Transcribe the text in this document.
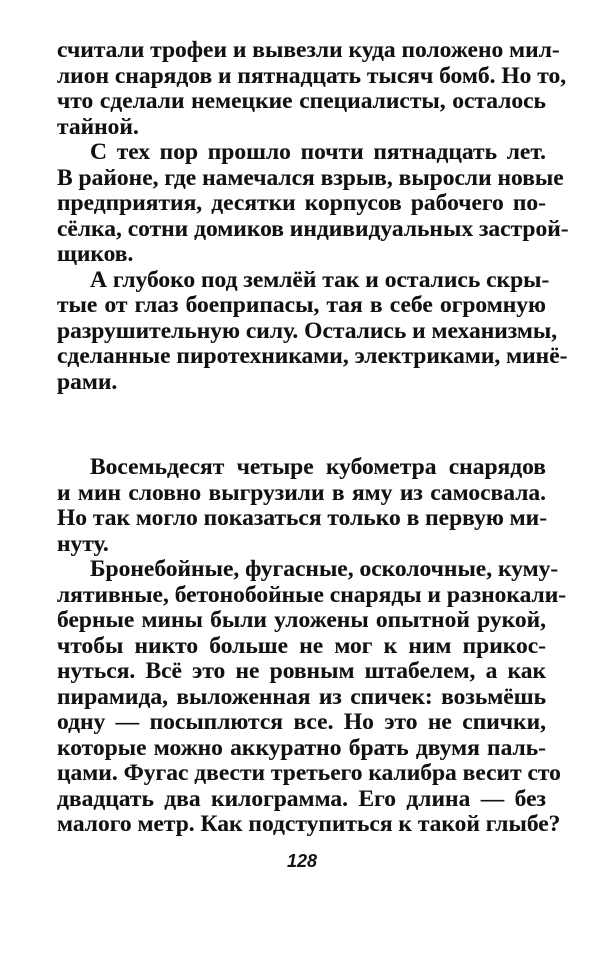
считали трофеи и вывезли куда положено мил-
лион снарядов и пятнадцать тысяч бомб. Но то,
что сделали немецкие специалисты, осталось
тайной.
С тех пор прошло почти пятнадцать лет.
В районе, где намечался взрыв, выросли новые
предприятия, десятки корпусов рабочего по-
сёлка, сотни домиков индивидуальных застрой-
щиков.
А глубоко под землёй так и остались скры-
тые от глаз боеприпасы, тая в себе огромную
разрушительную силу. Остались и механизмы,
сделанные пиротехниками, электриками, минё-
рами.
Восемьдесят четыре кубометра снарядов
и мин словно выгрузили в яму из самосвала.
Но так могло показаться только в первую ми-
нуту.
Бронебойные, фугасные, осколочные, куму-
лятивные, бетонобойные снаряды и разнокали-
берные мины были уложены опытной рукой,
чтобы никто больше не мог к ним прикос-
нуться. Всё это не ровным штабелем, а как
пирамида, выложенная из спичек: возьмёшь
одну — посыплются все. Но это не спички,
которые можно аккуратно брать двумя паль-
цами. Фугас двести третьего калибра весит сто
двадцать два килограмма. Его длина — без
малого метр. Как подступиться к такой глыбе?
128
